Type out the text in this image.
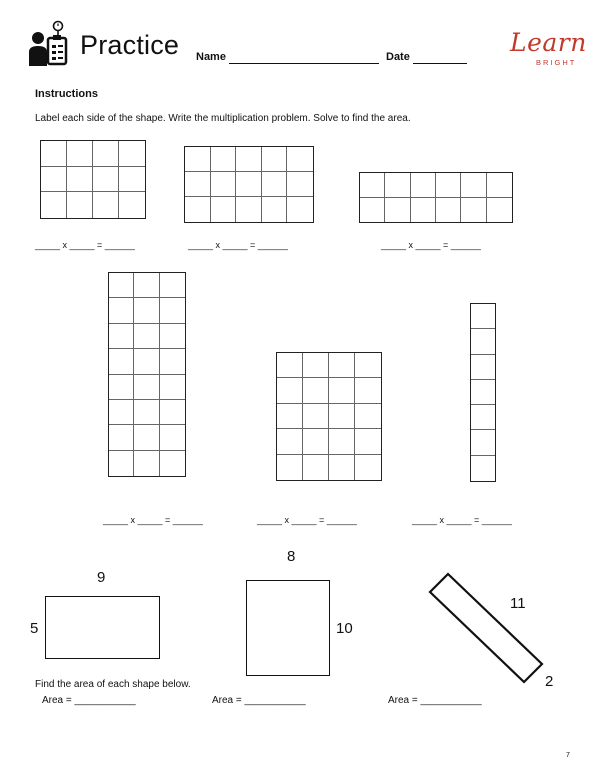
Practice Name	Date	Learn
BRIGHT
Instructions
Label each side of the shape. Write the multiplication problem. Solve to find the area.
_____ x _____ = ______	_____ x _____ = ______	_____ x _____ = ______
_____ x _____ = ______	_____ x _____ = ______	_____ x _____ = ______
9
5
8
10
11
2
Find the area of each shape below.
Area = ___________	Area = ___________	Area = ___________
7
